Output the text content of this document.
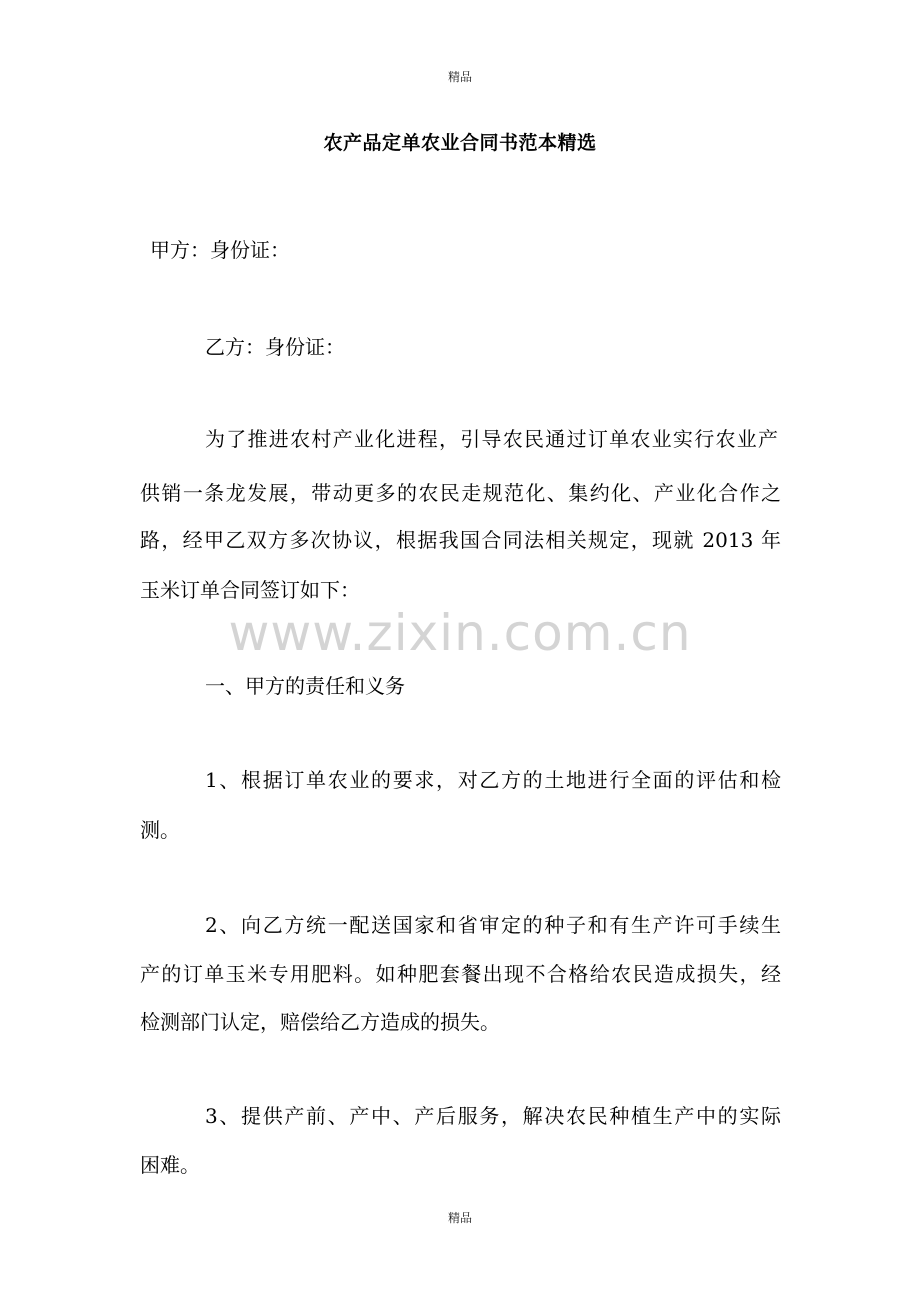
精品
农产品定单农业合同书范本精选
甲方：身份证：
乙方：身份证：
为了推进农村产业化进程，引导农民通过订单农业实行农业产
供销一条龙发展，带动更多的农民走规范化、集约化、产业化合作之
路，经甲乙双方多次协议，根据我国合同法相关规定，现就 2013 年
玉米订单合同签订如下：
www.zixin.com.cn
一、甲方的责任和义务
1、根据订单农业的要求，对乙方的土地进行全面的评估和检
测。
2、向乙方统一配送国家和省审定的种子和有生产许可手续生
产的订单玉米专用肥料。如种肥套餐出现不合格给农民造成损失，经
检测部门认定，赔偿给乙方造成的损失。
3、提供产前、产中、产后服务，解决农民种植生产中的实际
困难。
精品
